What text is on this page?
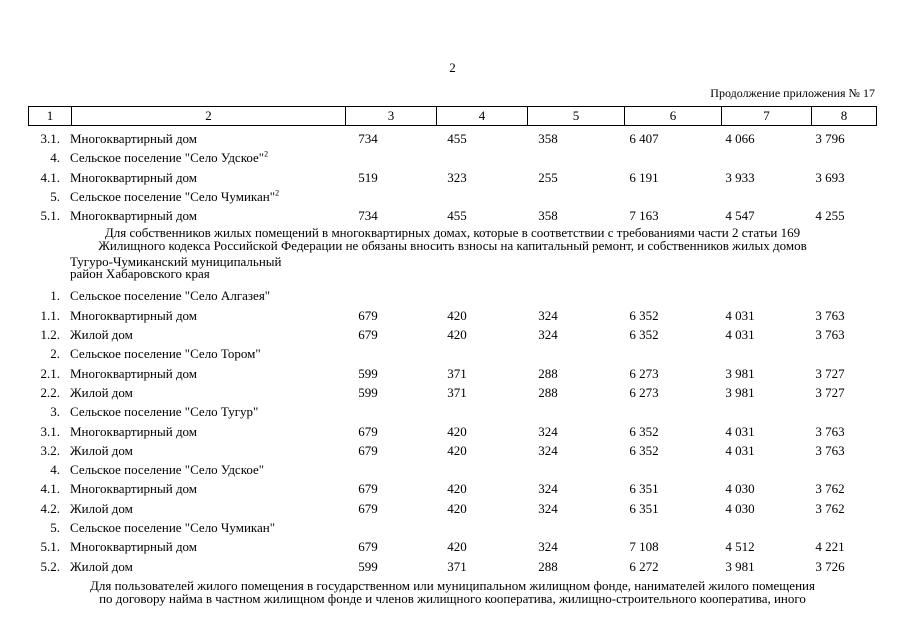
2
Продолжение приложения № 17
1	2	3	4	5	6	7	8
3.1. Многоквартирный дом	734	455	358	6 407	4 066	3 796
4. Сельское поселение "Село Удское"$^2$
4.1. Многоквартирный дом	519	323	255	6 191	3 933	3 693
5. Сельское поселение "Село Чумикан"$^2$
5.1. Многоквартирный дом	734	455	358	7 163	4 547	4 255
Для собственников жилых помещений в многоквартирных домах, которые в соответствии с требованиями части 2 статьи 169
Жилищного кодекса Российской Федерации не обязаны вносить взносы на капитальный ремонт, и собственников жилых домов
Тугуро-Чумиканский муниципальный
район Хабаровского края
1. Сельское поселение "Село Алгазея"
1.1. Многоквартирный дом	679	420	324	6 352	4 031	3 763
1.2. Жилой дом	679	420	324	6 352	4 031	3 763
2. Сельское поселение "Село Тором"
2.1. Многоквартирный дом	599	371	288	6 273	3 981	3 727
2.2. Жилой дом	599	371	288	6 273	3 981	3 727
3. Сельское поселение "Село Тугур"
3.1. Многоквартирный дом	679	420	324	6 352	4 031	3 763
3.2. Жилой дом	679	420	324	6 352	4 031	3 763
4. Сельское поселение "Село Удское"
4.1. Многоквартирный дом	679	420	324	6 351	4 030	3 762
4.2. Жилой дом	679	420	324	6 351	4 030	3 762
5. Сельское поселение "Село Чумикан"
5.1. Многоквартирный дом	679	420	324	7 108	4 512	4 221
5.2. Жилой дом	599	371	288	6 272	3 981	3 726
Для пользователей жилого помещения в государственном или муниципальном жилищном фонде, нанимателей жилого помещения
по договору найма в частном жилищном фонде и членов жилищного кооператива, жилищно-строительного кооператива, иного
